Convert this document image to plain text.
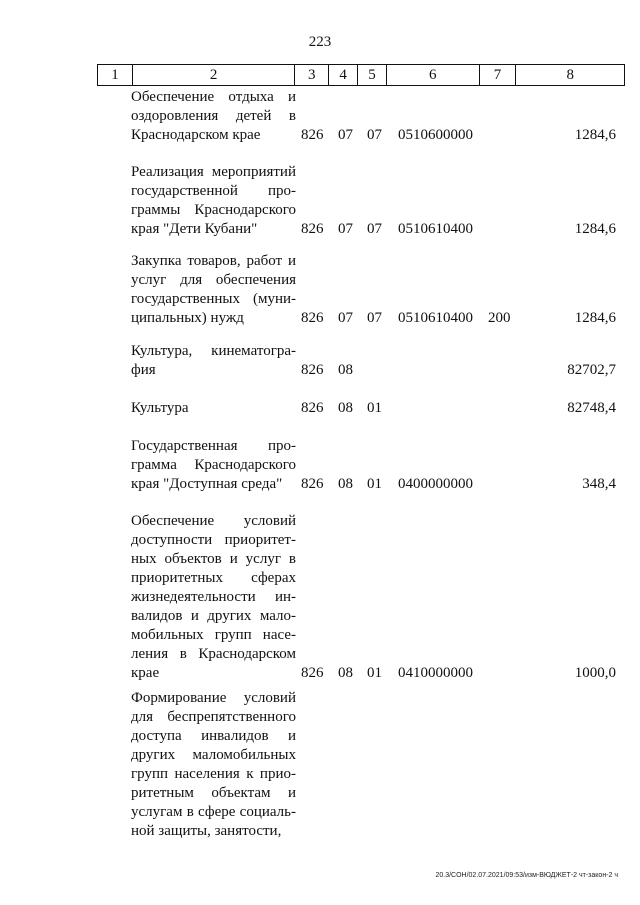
223
1	2	3	4	5	6	7	8
Обеспечение отдыха и
оздоровления детей в
Краснодарском крае	826 07 07 0510600000	1284,6
Реализация мероприятий
государственной про-
граммы Краснодарского
края "Дети Кубани"	826 07 07 0510610400	1284,6
Закупка товаров, работ и
услуг для обеспечения
государственных (муни-
ципальных) нужд	826 07 07 0510610400 200	1284,6
Культура, кинематогра-
фия	826 08	82702,7
Культура	826 08 01	82748,4
Государственная про-
грамма Краснодарского
края "Доступная среда"	826 08 01 0400000000	348,4
Обеспечение условий
доступности приоритет-
ных объектов и услуг в
приоритетных сферах
жизнедеятельности ин-
валидов и других мало-
мобильных групп насе-
ления в Краснодарском
крае	826 08 01 0410000000	1000,0
Формирование условий
для беспрепятственного
доступа инвалидов и
других маломобильных
групп населения к прио-
ритетным объектам и
услугам в сфере социаль-
ной защиты, занятости,
20.3/COH/02.07.2021/09:53/изм-ВЮДЖЕТ-2 чт-закон-2 ч
